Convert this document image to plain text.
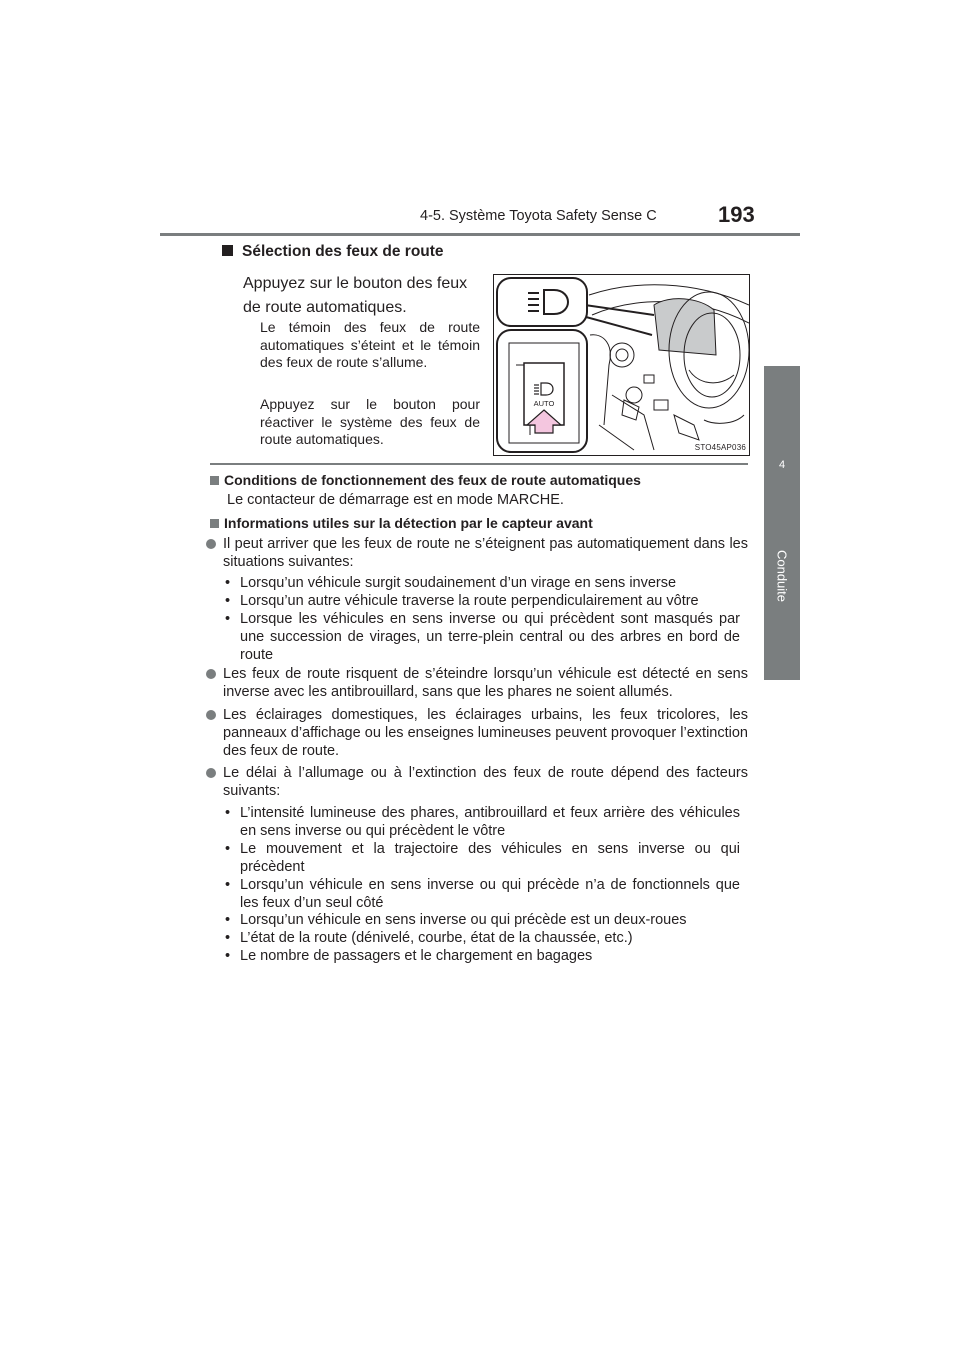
4-5. Système Toyota Safety Sense C	193
4
Conduite
Sélection des feux de route
Appuyez sur le bouton des feux de route automatiques.
Le témoin des feux de route automatiques s’éteint et le témoin des feux de route s’allume.
Appuyez sur le bouton pour réactiver le système des feux de route automatiques.
AUTO
STO45AP036
Conditions de fonctionnement des feux de route automatiques
Le contacteur de démarrage est en mode MARCHE.
Informations utiles sur la détection par le capteur avant
Il peut arriver que les feux de route ne s’éteignent pas automatiquement dans les situations suivantes:
• Lorsqu’un véhicule surgit soudainement d’un virage en sens inverse
• Lorsqu’un autre véhicule traverse la route perpendiculairement au vôtre
• Lorsque les véhicules en sens inverse ou qui précèdent sont masqués par une succession de virages, un terre-plein central ou des arbres en bord de route
Les feux de route risquent de s’éteindre lorsqu’un véhicule est détecté en sens inverse avec les antibrouillard, sans que les phares ne soient allumés.
Les éclairages domestiques, les éclairages urbains, les feux tricolores, les panneaux d’affichage ou les enseignes lumineuses peuvent provoquer l’extinction des feux de route.
Le délai à l’allumage ou à l’extinction des feux de route dépend des facteurs suivants:
• L’intensité lumineuse des phares, antibrouillard et feux arrière des véhicules en sens inverse ou qui précèdent le vôtre
• Le mouvement et la trajectoire des véhicules en sens inverse ou qui précèdent
• Lorsqu’un véhicule en sens inverse ou qui précède n’a de fonctionnels que les feux d’un seul côté
• Lorsqu’un véhicule en sens inverse ou qui précède est un deux-roues
• L’état de la route (dénivelé, courbe, état de la chaussée, etc.)
• Le nombre de passagers et le chargement en bagages
